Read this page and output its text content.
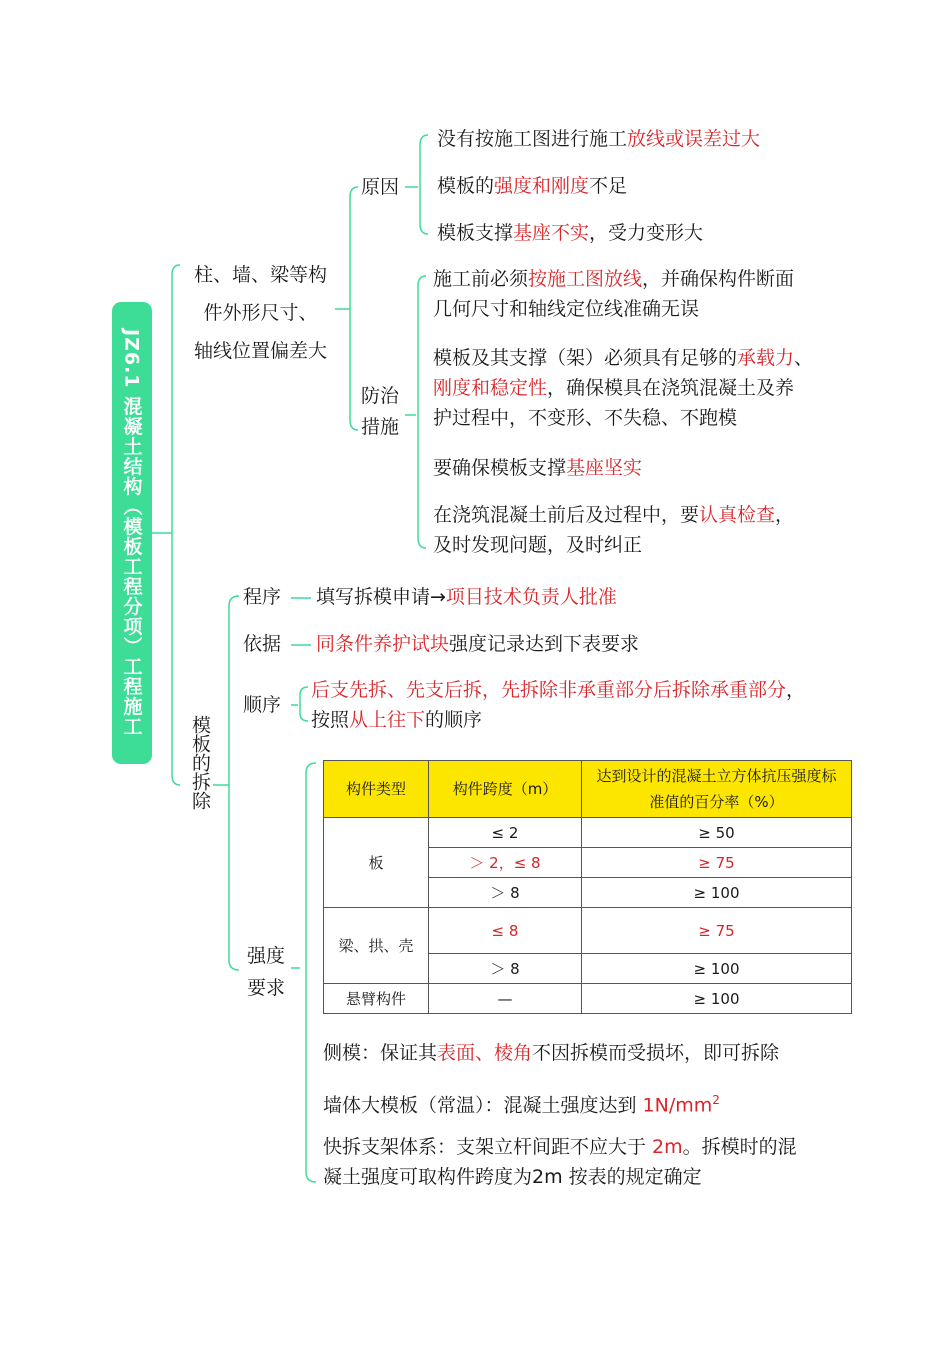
JZ6.1 混凝土结构（模板工程分项）工程施工
柱、墙、梁等构
件外形尺寸、
轴线位置偏差大
原因
没有按施工图进行施工放线或误差过大
模板的强度和刚度不足
模板支撑基座不实，受力变形大
防治
措施
施工前必须按施工图放线，并确保构件断面
几何尺寸和轴线定位线准确无误
模板及其支撑（架）必须具有足够的承载力、
刚度和稳定性，确保模具在浇筑混凝土及养
护过程中，不变形、不失稳、不跑模
要确保模板支撑基座坚实
在浇筑混凝土前后及过程中，要认真检查，
及时发现问题，及时纠正
模板的拆除
程序 填写拆模申请→项目技术负责人批准
依据 同条件养护试块强度记录达到下表要求
顺序
后支先拆、先支后拆，先拆除非承重部分后拆除承重部分，
按照从上往下的顺序
强度
要求
构件类型	构件跨度（m）	达到设计的混凝土立方体抗压强度标准值的百分率（%）
板	≤ 2	≥ 50
	＞ 2，≤ 8	≥ 75
	＞ 8	≥ 100
梁、拱、壳	≤ 8	≥ 75
	＞ 8	≥ 100
悬臂构件	—	≥ 100
侧模：保证其表面、棱角不因拆模而受损坏，即可拆除
墙体大模板（常温）：混凝土强度达到 $1N/mm^2$
快拆支架体系：支架立杆间距不应大于 2m。拆模时的混
凝土强度可取构件跨度为2m 按表的规定确定
